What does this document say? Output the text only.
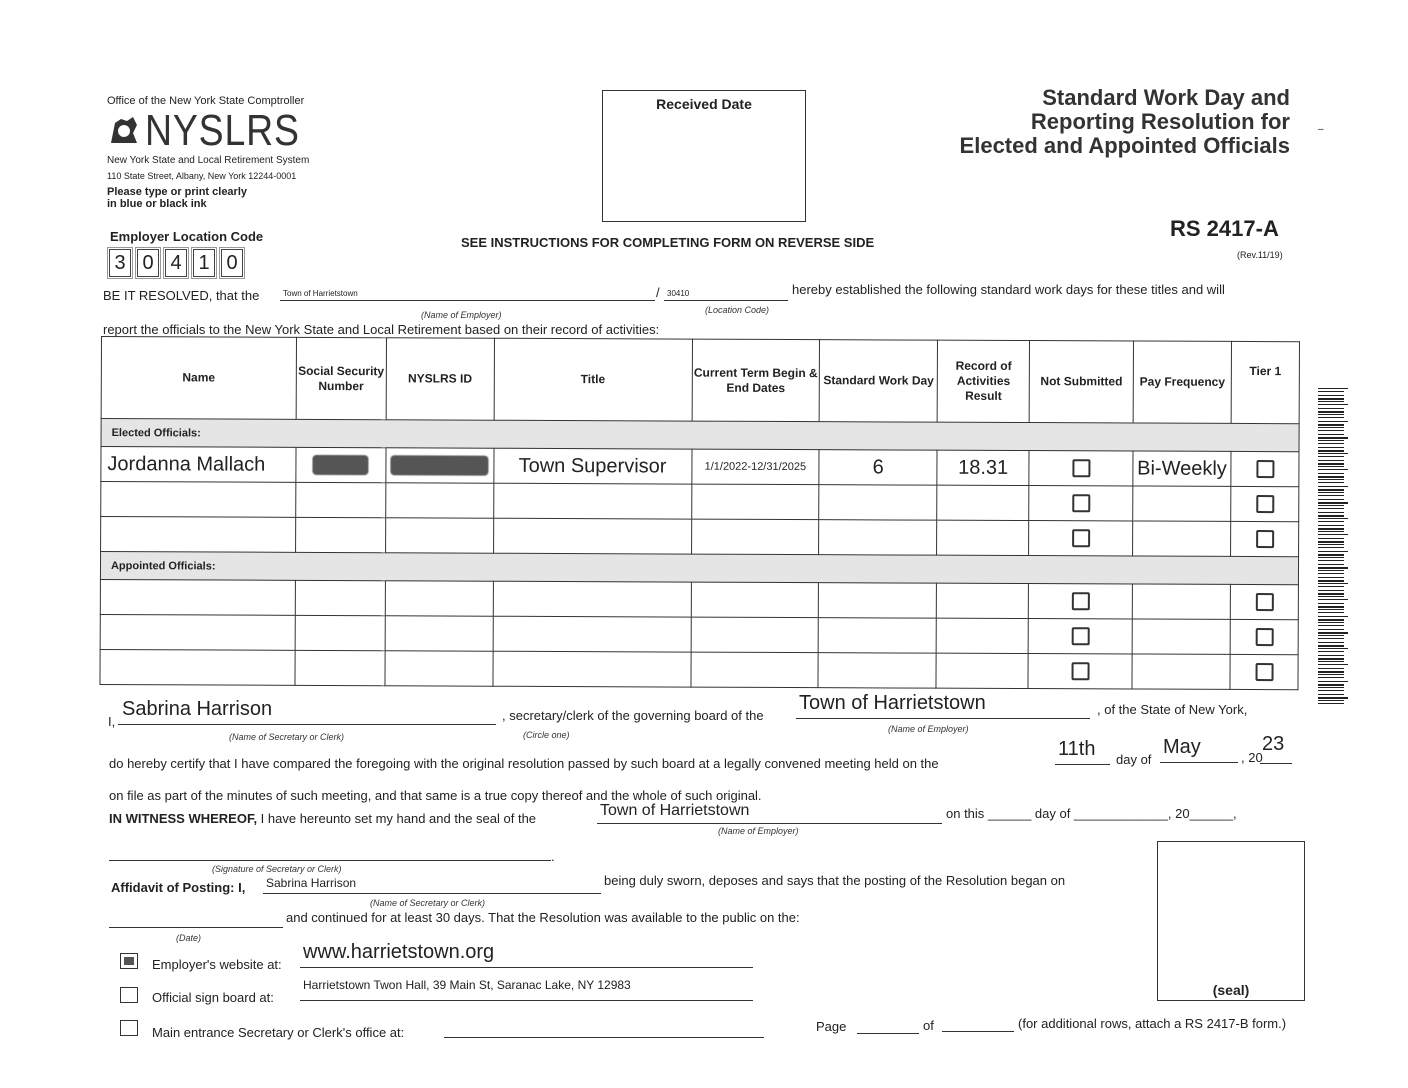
Office of the New York State Comptroller
NYSLRS
New York State and Local Retirement System
110 State Street, Albany, New York 12244-0001
Please type or print clearly
in blue or black ink
Received Date	Standard Work Day and
Reporting Resolution for
Elected and Appointed Officials
–
RS 2417-A
(Rev.11/19)
Employer Location Code
3 0 4 1 0
SEE INSTRUCTIONS FOR COMPLETING FORM ON REVERSE SIDE
BE IT RESOLVED, that the	Town of Harrietstown	/ 30410	hereby established the following standard work days for these titles and will
(Name of Employer)	(Location Code)
report the officials to the New York State and Local Retirement based on their record of activities:
Name	Social Security Number	NYSLRS ID	Title	Current Term Begin & End Dates	Standard Work Day	Record of Activities Result	Not Submitted	Pay Frequency	Tier 1
Elected Officials:									
Jordanna Mallach			Town Supervisor	1/1/2022-12/31/2025	6	18.31		Bi-Weekly	

Appointed Officials:									

I,
Sabrina Harrison
(Name of Secretary or Clerk)
, secretary/clerk of the governing board of the
(Circle one)
Town of Harrietstown
(Name of Employer)
, of the State of New York,
do hereby certify that I have compared the foregoing with the original resolution passed by such board at a legally convened meeting held on the
11th day of
May	, 20
23
on file as part of the minutes of such meeting, and that same is a true copy thereof and the whole of such original.
IN WITNESS WHEREOF, I have hereunto set my hand and the seal of the	Town of Harrietstown
(Name of Employer)
on this ______ day of _____________, 20______,
.
(Signature of Secretary or Clerk)
Affidavit of Posting: I, Sabrina Harrison
(Name of Secretary or Clerk)
being duly sworn, deposes and says that the posting of the Resolution began on
(Date)
and continued for at least 30 days. That the Resolution was available to the public on the:
(seal)
Employer's website at:
www.harrietstown.org
Official sign board at:
Harrietstown Twon Hall, 39 Main St, Saranac Lake, NY 12983
Main entrance Secretary or Clerk's office at:	Page	of	(for additional rows, attach a RS 2417-B form.)
